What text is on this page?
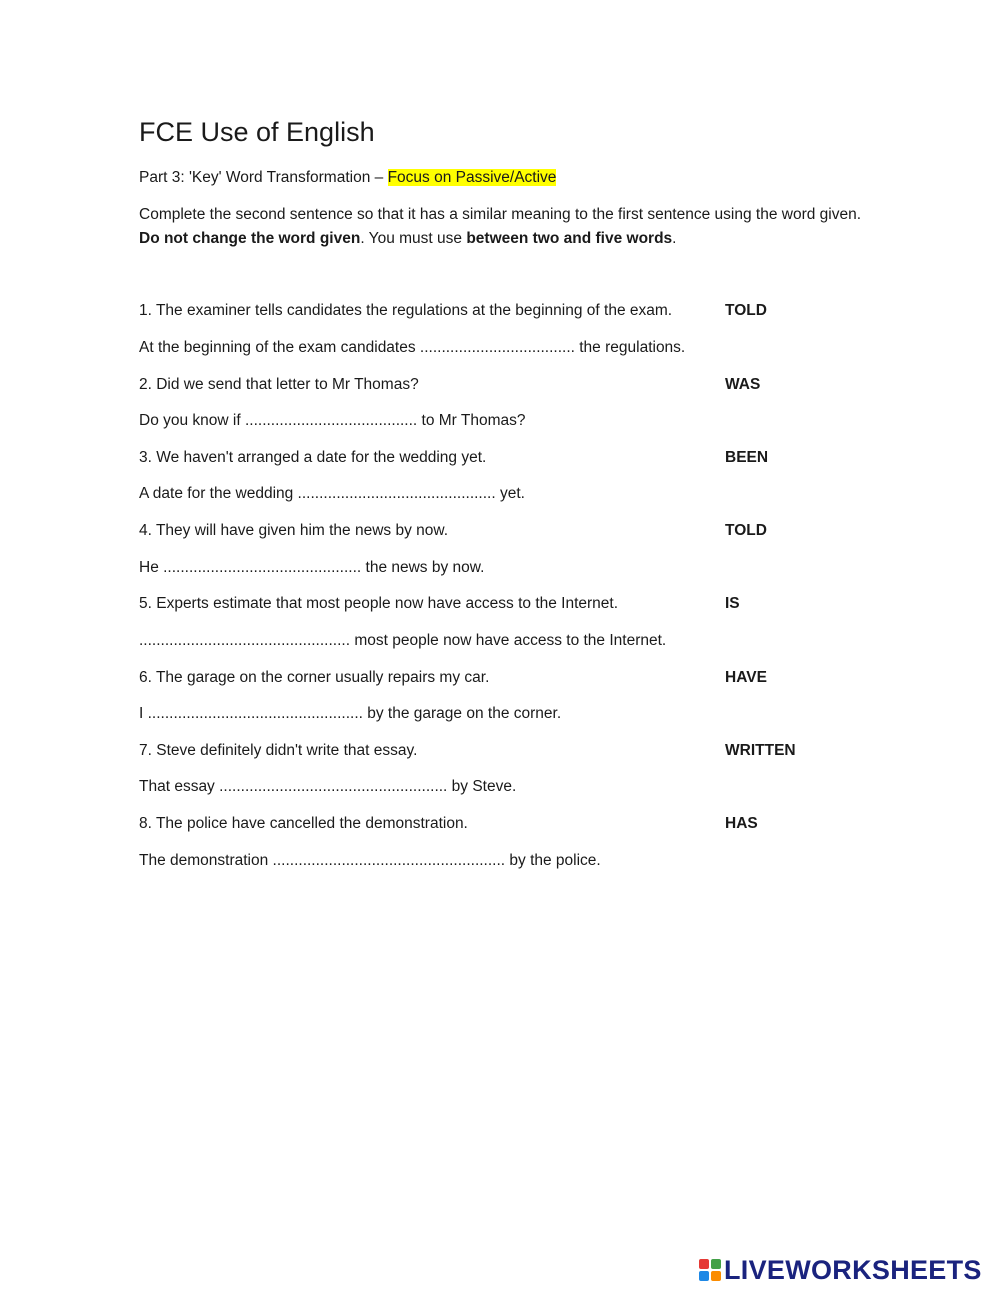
FCE Use of English
Part 3: 'Key' Word Transformation – Focus on Passive/Active
Complete the second sentence so that it has a similar meaning to the first sentence using the word given. Do not change the word given. You must use between two and five words.
1. The examiner tells candidates the regulations at the beginning of the exam.	TOLD
At the beginning of the exam candidates .................................... the regulations.
2. Did we send that letter to Mr Thomas?	WAS
Do you know if ........................................ to Mr Thomas?
3. We haven't arranged a date for the wedding yet.	BEEN
A date for the wedding .............................................. yet.
4. They will have given him the news by now.	TOLD
He .............................................. the news by now.
5. Experts estimate that most people now have access to the Internet.	IS
................................................. most people now have access to the Internet.
6. The garage on the corner usually repairs my car.	HAVE
I .................................................. by the garage on the corner.
7. Steve definitely didn't write that essay.	WRITTEN
That essay ..................................................... by Steve.
8. The police have cancelled the demonstration.	HAS
The demonstration ...................................................... by the police.
LIVEWORKSHEETS
